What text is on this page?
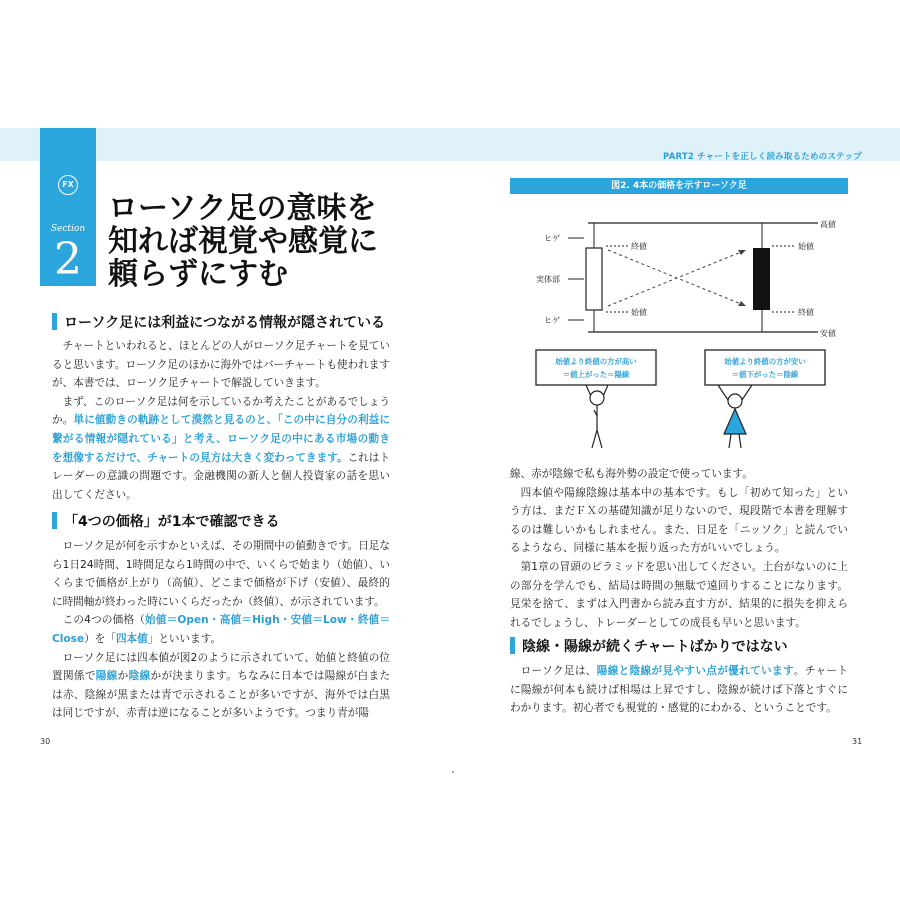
PART2 チャートを正しく読み取るためのステップ
FX
Section
2
ローソク足の意味を
知れば視覚や感覚に
頼らずにすむ
ローソク足には利益につながる情報が隠されている

チャートといわれると、ほとんどの人がローソク足チャートを見ていると思います。ローソク足のほかに海外ではバーチャートも使われますが、本書では、ローソク足チャートで解説していきます。

まず、このローソク足は何を示しているか考えたことがあるでしょうか。単に値動きの軌跡として漠然と見るのと、「この中に自分の利益に繋がる情報が隠れている」と考え、ローソク足の中にある市場の動きを想像するだけで、チャートの見方は大きく変わってきます。これはトレーダーの意識の問題です。金融機関の新人と個人投資家の話を思い出してください。

「4つの価格」が1本で確認できる

ローソク足が何を示すかといえば、その期間中の値動きです。日足なら1日24時間、1時間足なら1時間の中で、いくらで始まり（始値）、いくらまで価格が上がり（高値）、どこまで価格が下げ（安値）、最終的に時間軸が終わった時にいくらだったか（終値）、が示されています。

この4つの価格（始値＝Open・高値＝High・安値＝Low・終値＝Close）を「四本値」といいます。

ローソク足には四本値が図2のように示されていて、始値と終値の位置関係で陽線か陰線かが決まります。ちなみに日本では陽線が白または赤、陰線が黒または青で示されることが多いですが、海外では白黒は同じですが、赤青は逆になることが多いようです。つまり青が陽

図2. 4本の価格を示すローソク足
高値
安値
ヒゲ
実体部
ヒゲ
終値
始値
始値
終値
始値より終値の方が高い
＝値上がった＝陽線
始値より終値の方が安い
＝値下がった＝陰線

線、赤が陰線で私も海外勢の設定で使っています。

四本値や陽線陰線は基本中の基本です。もし「初めて知った」という方は、まだＦＸの基礎知識が足りないので、現段階で本書を理解するのは難しいかもしれません。また、日足を「ニッソク」と読んでいるようなら、同様に基本を振り返った方がいいでしょう。

第1章の冒頭のピラミッドを思い出してください。土台がないのに上の部分を学んでも、結局は時間の無駄で遠回りすることになります。見栄を捨て、まずは入門書から読み直す方が、結果的に損失を抑えられるでしょうし、トレーダーとしての成長も早いと思います。

陰線・陽線が続くチャートばかりではない

ローソク足は、陽線と陰線が見やすい点が優れています。チャートに陽線が何本も続けば相場は上昇ですし、陰線が続けば下落とすぐにわかります。初心者でも視覚的・感覚的にわかる、ということです。

30	31
